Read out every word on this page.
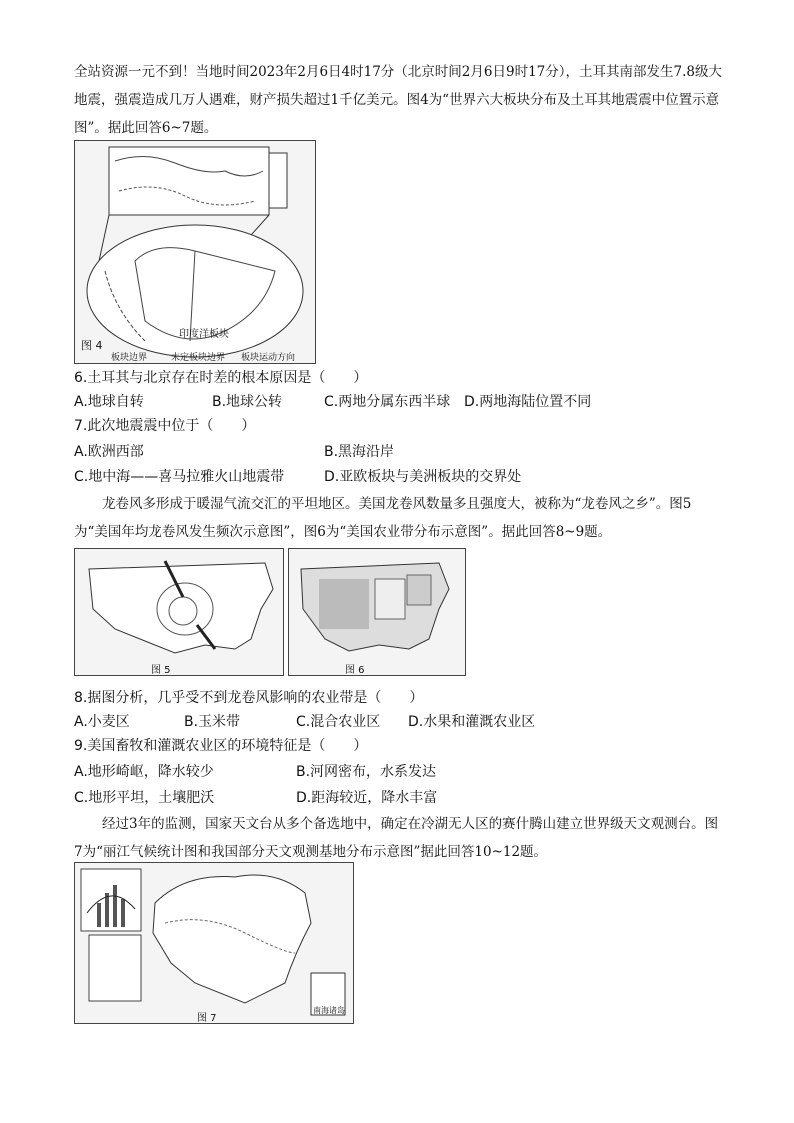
全站资源一元不到！当地时间2023年2月6日4时17分（北京时间2月6日9时17分），土耳其南部发生7.8级大地震，强震造成几万人遇难，财产损失超过1千亿美元。图4为“世界六大板块分布及土耳其地震震中位置示意图”。据此回答6~7题。

印度洋板块
图 4
板块边界	未定板块边界 板块运动方向

6.土耳其与北京存在时差的根本原因是（　　）

A.地球自转	B.地球公转	C.两地分属东西半球 D.两地海陆位置不同

7.此次地震震中位于（　　）

A.欧洲西部	B.黑海沿岸
C.地中海——喜马拉雅火山地震带	D.亚欧板块与美洲板块的交界处

龙卷风多形成于暖湿气流交汇的平坦地区。美国龙卷风数量多且强度大，被称为“龙卷风之乡”。图5为“美国年均龙卷风发生频次示意图”，图6为“美国农业带分布示意图”。据此回答8~9题。

图 5	图 6

8.据图分析，几乎受不到龙卷风影响的农业带是（　　）

A.小麦区	B.玉米带	C.混合农业区 D.水果和灌溉农业区

9.美国畜牧和灌溉农业区的环境特征是（　　）

A.地形崎岖，降水较少	B.河网密布，水系发达
C.地形平坦，土壤肥沃	D.距海较近，降水丰富

经过3年的监测，国家天文台从多个备选地中，确定在冷湖无人区的赛什腾山建立世界级天文观测台。图7为“丽江气候统计图和我国部分天文观测基地分布示意图”据此回答10~12题。

南海诸岛
图 7
